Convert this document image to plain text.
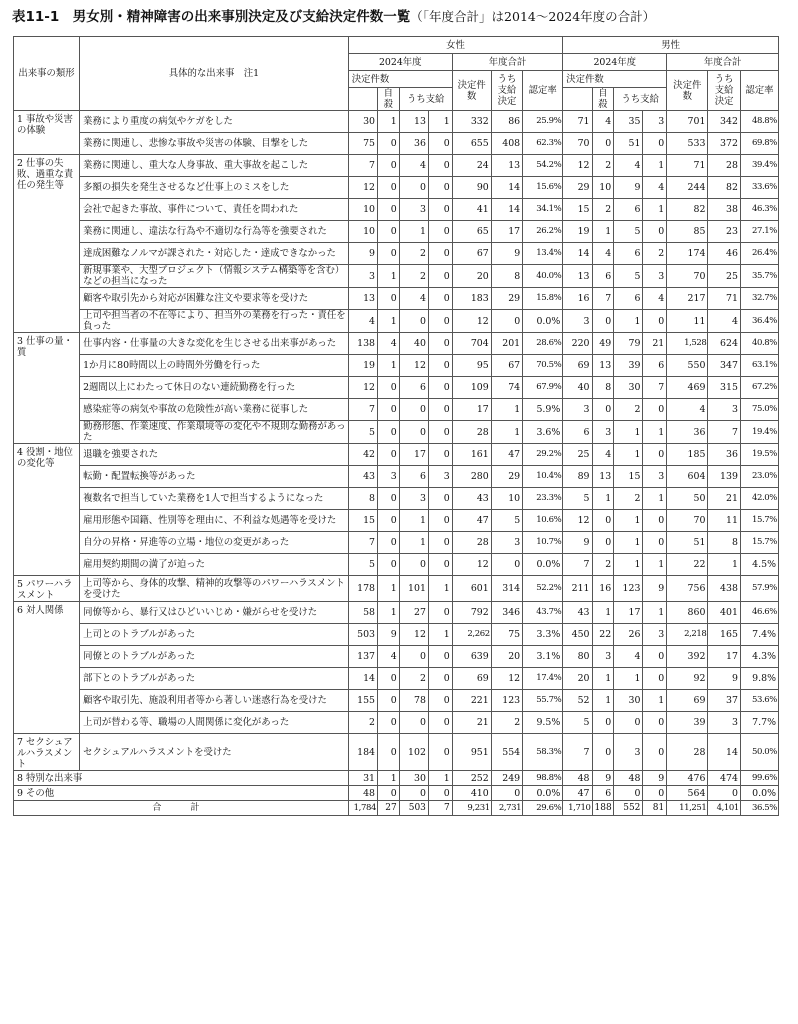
表11-1　男女別・精神障害の出来事別決定及び支給決定件数一覧（「年度合計」は2014～2024年度の合計）
出来事の類形	具体的な出来事　注1	女性							男性						
		2024年度				年度合計			2024年度				年度合計		
		決定件数				決定件数	うち支給決定	認定率	決定件数				決定件数	うち支給決定	認定率
			自殺	うち支給						自殺	うち支給				
1 事故や災害の体験	業務により重度の病気やケガをした	30	1	13	1	332	86	25.9%	71	4	35	3	701	342	48.8%
	業務に関連し、悲惨な事故や災害の体験、目撃をした	75	0	36	0	655	408	62.3%	70	0	51	0	533	372	69.8%
2 仕事の失敗、過重な責任の発生等	業務に関連し、重大な人身事故、重大事故を起こした	7	0	4	0	24	13	54.2%	12	2	4	1	71	28	39.4%
	多額の損失を発生させるなど仕事上のミスをした	12	0	0	0	90	14	15.6%	29	10	9	4	244	82	33.6%
	会社で起きた事故、事件について、責任を問われた	10	0	3	0	41	14	34.1%	15	2	6	1	82	38	46.3%
	業務に関連し、違法な行為や不適切な行為等を強要された	10	0	1	0	65	17	26.2%	19	1	5	0	85	23	27.1%
	達成困難なノルマが課された・対応した・達成できなかった	9	0	2	0	67	9	13.4%	14	4	6	2	174	46	26.4%
	新規事業や、大型プロジェクト（情報システム構築等を含む）などの担当になった	3	1	2	0	20	8	40.0%	13	6	5	3	70	25	35.7%
	顧客や取引先から対応が困難な注文や要求等を受けた	13	0	4	0	183	29	15.8%	16	7	6	4	217	71	32.7%
	上司や担当者の不在等により、担当外の業務を行った・責任を負った	4	1	0	0	12	0	0.0%	3	0	1	0	11	4	36.4%
3 仕事の量・質	仕事内容・仕事量の大きな変化を生じさせる出来事があった	138	4	40	0	704	201	28.6%	220	49	79	21	1,528	624	40.8%
	1か月に80時間以上の時間外労働を行った	19	1	12	0	95	67	70.5%	69	13	39	6	550	347	63.1%
	2週間以上にわたって休日のない連続勤務を行った	12	0	6	0	109	74	67.9%	40	8	30	7	469	315	67.2%
	感染症等の病気や事故の危険性が高い業務に従事した	7	0	0	0	17	1	5.9%	3	0	2	0	4	3	75.0%
	勤務形態、作業速度、作業環境等の変化や不規則な勤務があった	5	0	0	0	28	1	3.6%	6	3	1	1	36	7	19.4%
4 役割・地位の変化等	退職を強要された	42	0	17	0	161	47	29.2%	25	4	1	0	185	36	19.5%
	転勤・配置転換等があった	43	3	6	3	280	29	10.4%	89	13	15	3	604	139	23.0%
	複数名で担当していた業務を1人で担当するようになった	8	0	3	0	43	10	23.3%	5	1	2	1	50	21	42.0%
	雇用形態や国籍、性別等を理由に、不利益な処遇等を受けた	15	0	1	0	47	5	10.6%	12	0	1	0	70	11	15.7%
	自分の昇格・昇進等の立場・地位の変更があった	7	0	1	0	28	3	10.7%	9	0	1	0	51	8	15.7%
	雇用契約期間の満了が迫った	5	0	0	0	12	0	0.0%	7	2	1	1	22	1	4.5%
5 パワーハラスメント	上司等から、身体的攻撃、精神的攻撃等のパワーハラスメントを受けた	178	1	101	1	601	314	52.2%	211	16	123	9	756	438	57.9%
6 対人関係	同僚等から、暴行又はひどいいじめ・嫌がらせを受けた	58	1	27	0	792	346	43.7%	43	1	17	1	860	401	46.6%
	上司とのトラブルがあった	503	9	12	1	2,262	75	3.3%	450	22	26	3	2,218	165	7.4%
	同僚とのトラブルがあった	137	4	0	0	639	20	3.1%	80	3	4	0	392	17	4.3%
	部下とのトラブルがあった	14	0	2	0	69	12	17.4%	20	1	1	0	92	9	9.8%
	顧客や取引先、施設利用者等から著しい迷惑行為を受けた	155	0	78	0	221	123	55.7%	52	1	30	1	69	37	53.6%
	上司が替わる等、職場の人間関係に変化があった	2	0	0	0	21	2	9.5%	5	0	0	0	39	3	7.7%
7 セクシュアルハラスメント	セクシュアルハラスメントを受けた	184	0	102	0	951	554	58.3%	7	0	3	0	28	14	50.0%
8 特別な出来事		31	1	30	1	252	249	98.8%	48	9	48	9	476	474	99.6%
9 その他		48	0	0	0	410	0	0.0%	47	6	0	0	564	0	0.0%
合　計		1,784	27	503	7	9,231	2,731	29.6%	1,710	188	552	81	11,251	4,101	36.5%
